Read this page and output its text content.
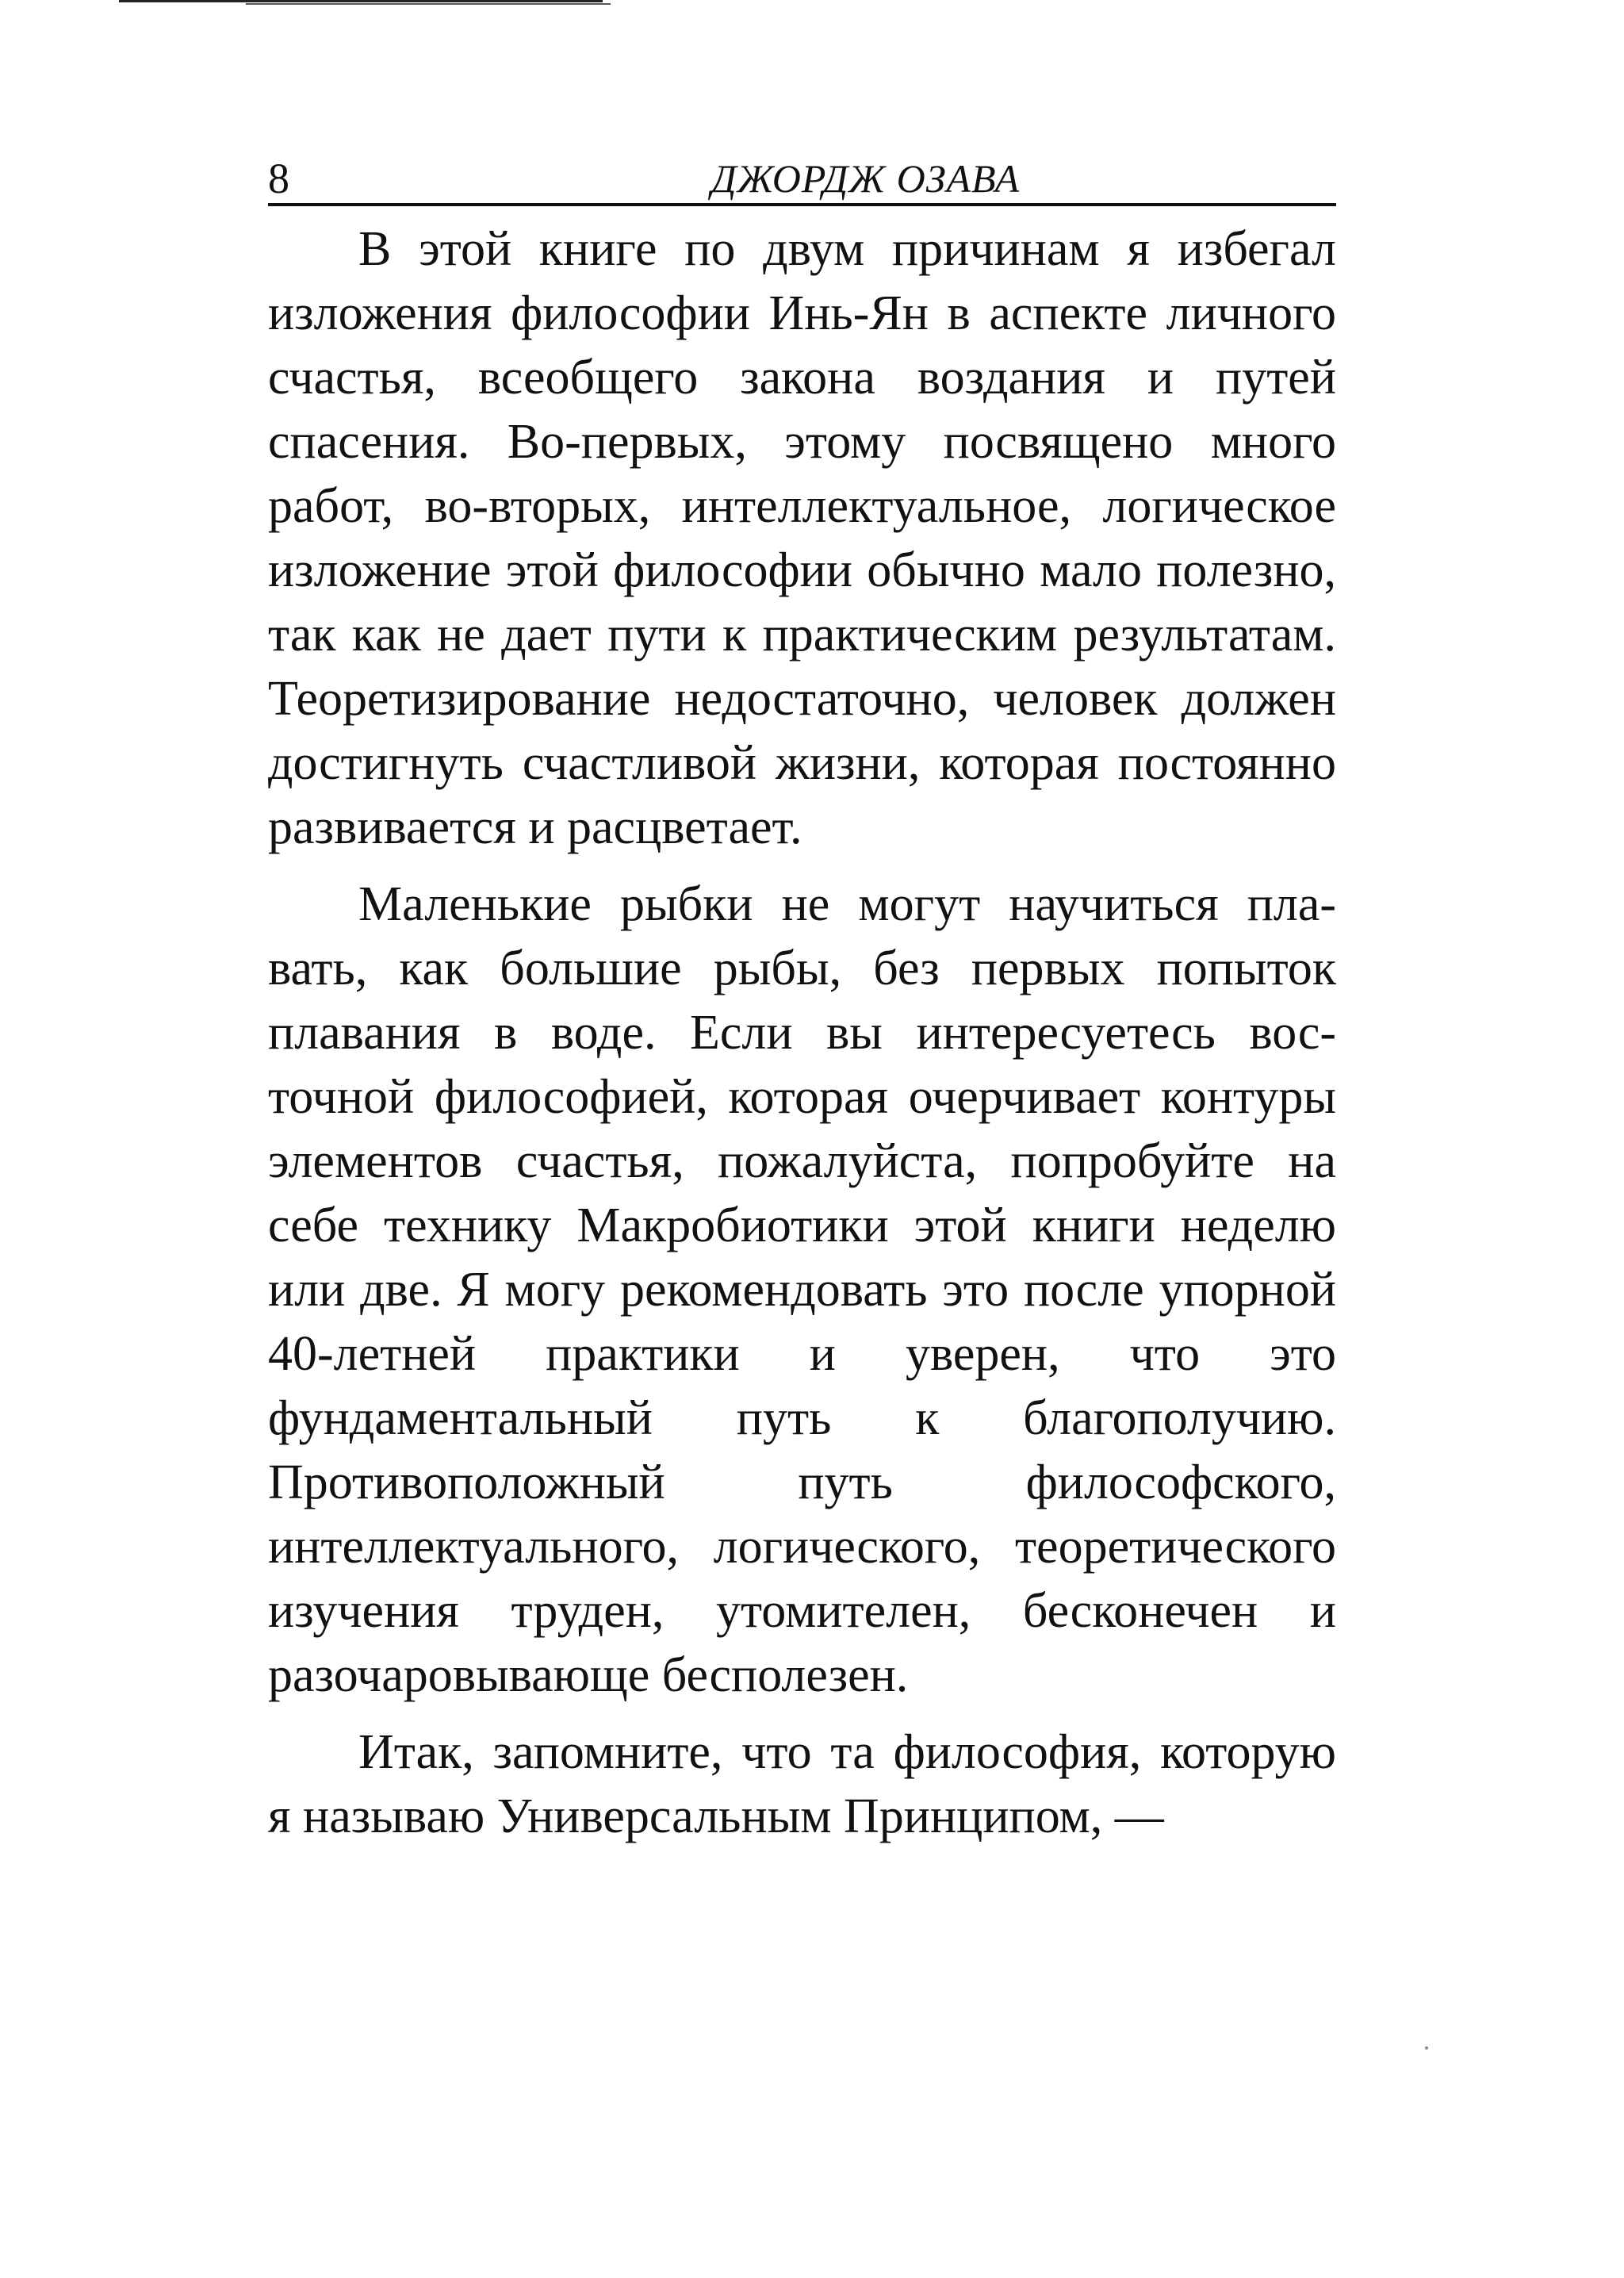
8	ДЖОРДЖ ОЗАВА

В этой книге по двум причинам я избегал изложения философии Инь-Ян в аспекте личного счастья, всеобщего закона воздания и путей спасения. Во-первых, этому посвящено много работ, во-вторых, интеллектуальное, логическое изложение этой философии обычно мало полезно, так как не дает пути к практическим результатам. Теоретизирование недостаточно, человек должен достигнуть счастливой жизни, которая постоянно развивается и расцветает.

Маленькие рыбки не могут научиться плавать, как большие рыбы, без первых попыток плавания в воде. Если вы интересуетесь восточной философией, которая очерчивает контуры элементов счастья, пожалуйста, попробуйте на себе технику Макробиотики этой книги неделю или две. Я могу рекомендовать это после упорной 40-летней практики и уверен, что это фундаментальный путь к благополучию. Противоположный путь философского, интеллектуального, логического, теоретического изучения труден, утомителен, бесконечен и разочаровывающе бесполезен.

Итак, запомните, что та философия, которую я называю Универсальным Принципом, —
